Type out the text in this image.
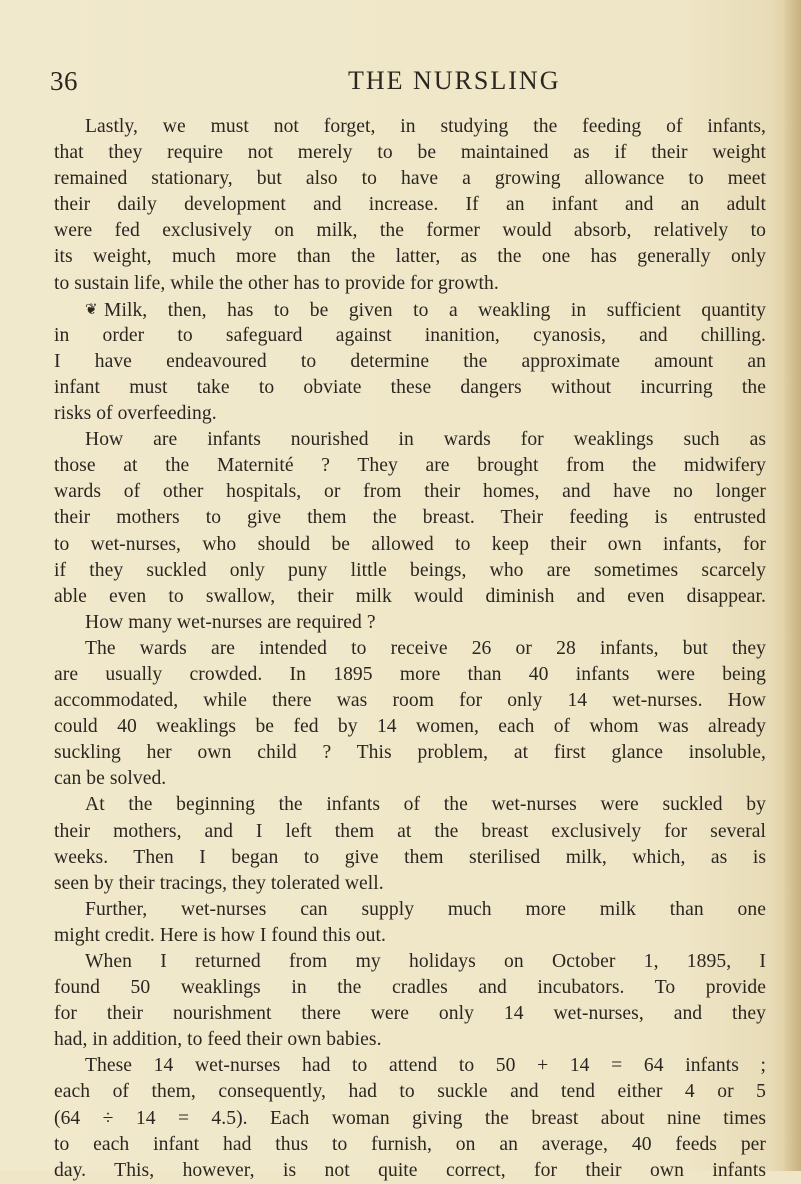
36	THE NURSLING
Lastly, we must not forget, in studying the feeding of infants,
that they require not merely to be maintained as if their weight
remained stationary, but also to have a growing allowance to meet
their daily development and increase. If an infant and an adult
were fed exclusively on milk, the former would absorb, relatively to
its weight, much more than the latter, as the one has generally only
to sustain life, while the other has to provide for growth.
❦ Milk, then, has to be given to a weakling in sufficient quantity
in order to safeguard against inanition, cyanosis, and chilling.
I have endeavoured to determine the approximate amount an
infant must take to obviate these dangers without incurring the
risks of overfeeding.
How are infants nourished in wards for weaklings such as
those at the Maternité ? They are brought from the midwifery
wards of other hospitals, or from their homes, and have no longer
their mothers to give them the breast. Their feeding is entrusted
to wet-nurses, who should be allowed to keep their own infants, for
if they suckled only puny little beings, who are sometimes scarcely
able even to swallow, their milk would diminish and even disappear.
How many wet-nurses are required ?
The wards are intended to receive 26 or 28 infants, but they
are usually crowded. In 1895 more than 40 infants were being
accommodated, while there was room for only 14 wet-nurses. How
could 40 weaklings be fed by 14 women, each of whom was already
suckling her own child ? This problem, at first glance insoluble,
can be solved.
At the beginning the infants of the wet-nurses were suckled by
their mothers, and I left them at the breast exclusively for several
weeks. Then I began to give them sterilised milk, which, as is
seen by their tracings, they tolerated well.
Further, wet-nurses can supply much more milk than one
might credit. Here is how I found this out.
When I returned from my holidays on October 1, 1895, I
found 50 weaklings in the cradles and incubators. To provide
for their nourishment there were only 14 wet-nurses, and they
had, in addition, to feed their own babies.
These 14 wet-nurses had to attend to 50 + 14 = 64 infants ;
each of them, consequently, had to suckle and tend either 4 or 5
(64 ÷ 14 = 4.5). Each woman giving the breast about nine times
to each infant had thus to furnish, on an average, 40 feeds per
day. This, however, is not quite correct, for their own infants
